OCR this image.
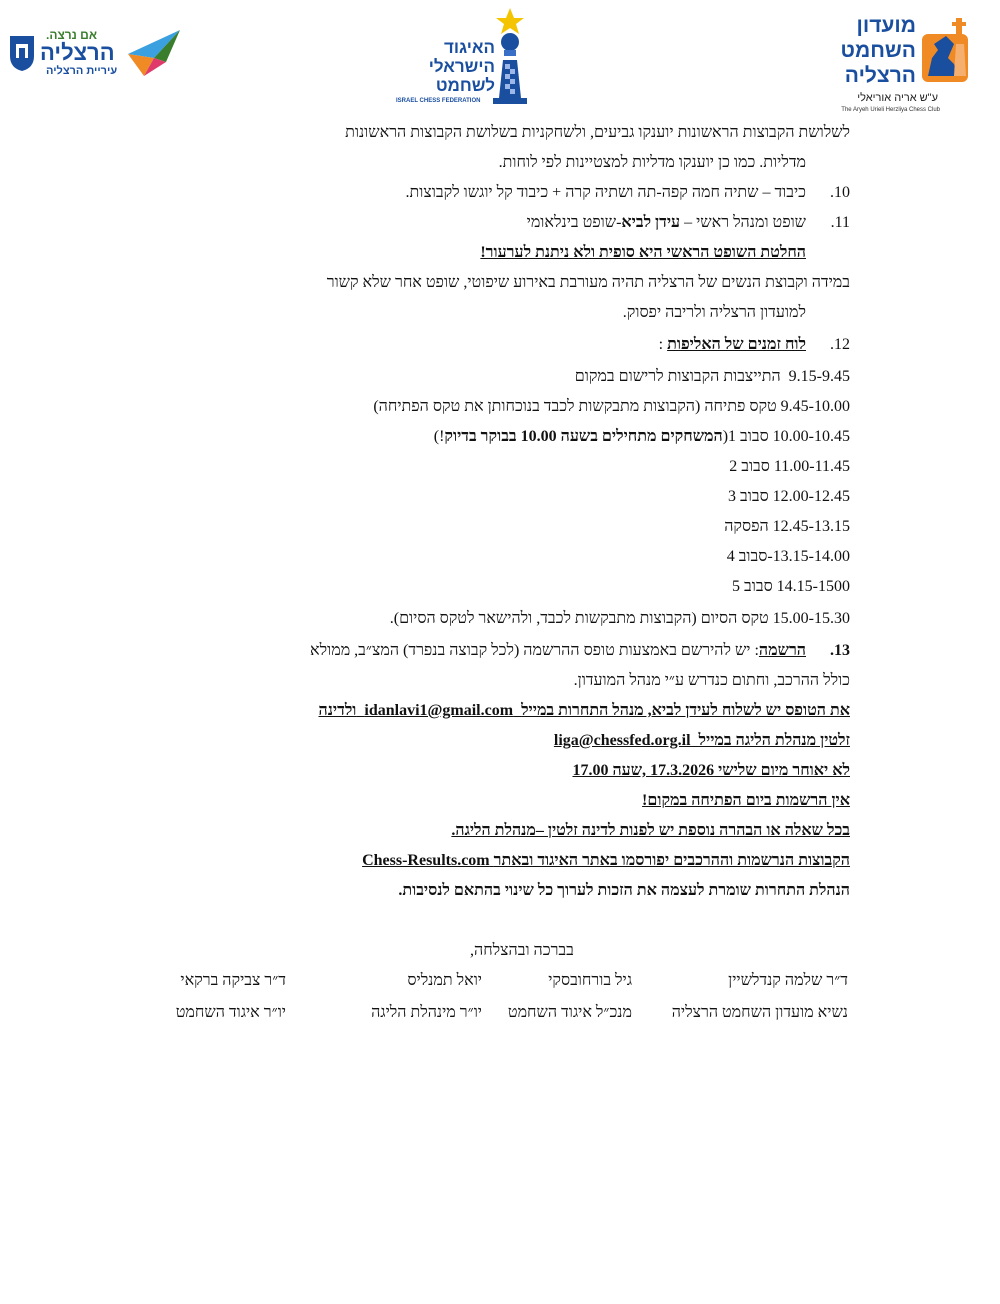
מועדון
השחמט
הרצליה
ע"ש אריה אוריאלי
The Aryeh Urieli Herzliya Chess Club
האיגוד
הישראלי
לשחמט
ISRAEL CHESS FEDERATION
אם נרצה.
הרצליה
עיריית הרצליה
לשלושת הקבוצות הראשונות יוענקו גביעים, ולשחקניות בשלושת הקבוצות הראשונות
מדליות. כמו כן יוענקו מדליות למצטיינות לפי לוחות.
10.כיבוד – שתיה חמה קפה-תה ושתיה קרה + כיבוד קל יוגשו לקבוצות.
11.שופט ומנהל ראשי – עידן לביא-שופט בינלאומי
החלטת השופט הראשי היא סופית ולא ניתנת לערעור!
במידה וקבוצת הנשים של הרצליה תהיה מעורבת באירוע שיפוטי, שופט אחר שלא קשור
למועדון הרצליה ולריבה יפסוק.
12.לוח זמנים של האליפות :
9.15-9.45  התייצבות הקבוצות לרישום במקום
9.45-10.00 טקס פתיחה (הקבוצות מתבקשות לכבד בנוכחותן את טקס הפתיחה)
10.00-10.45 סבוב 1(המשחקים מתחילים בשעה 10.00 בבוקר בדיוק!)
11.00-11.45 סבוב 2
12.00-12.45 סבוב 3
12.45-13.15 הפסקה
13.15-14.00-סבוב 4
14.15-1500 סבוב 5
15.00-15.30 טקס הסיום (הקבוצות מתבקשות לכבד, ולהישאר לטקס הסיום).
13.הרשמה: יש להירשם באמצעות טופס ההרשמה (לכל קבוצה בנפרד) המצ״ב, ממולא
כולל ההרכב, וחתום כנדרש ע״י מנהל המועדון.
את הטופס יש לשלוח לעידן לביא, מנהל התחרות במייל  idanlavi1@gmail.com  ולדינה
זלטין מנהלת הליגה במייל  liga@chessfed.org.il
לא יאוחר מיום שלישי 17.3.2026 ,שעה 17.00
אין הרשמות ביום הפתיחה במקום!
בכל שאלה או הבהרה נוספת יש לפנות לדינה זלטין –מנהלת הליגה.
הקבוצות הנרשמות וההרכבים יפורסמו באתר האיגוד ובאתר Chess-Results.com
הנהלת התחרות שומרת לעצמה את הזכות לערוך כל שינוי בהתאם לנסיבות.
בברכה ובהצלחה,
ד״ר שלמה קנדלשיין
גיל בורחובסקי
יואל תמנליס
ד״ר צביקה ברקאי
נשיא מועדון השחמט הרצליה
מנכ״ל איגוד השחמט
יו״ר מינהלת הליגה
יו״ר איגוד השחמט
